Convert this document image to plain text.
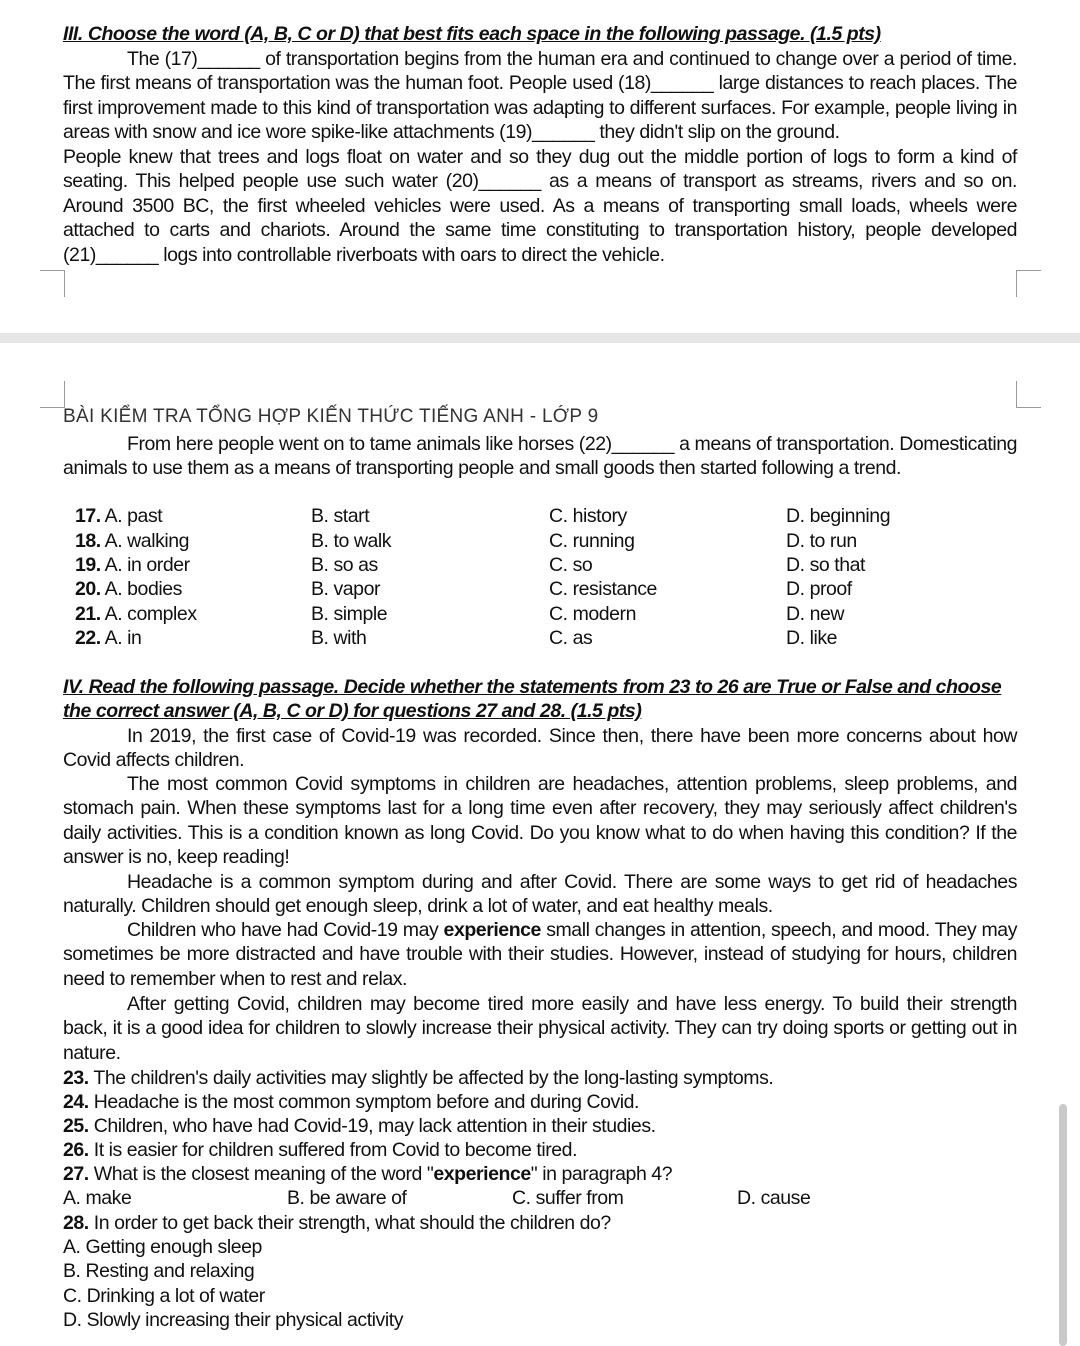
III. Choose the word (A, B, C or D) that best fits each space in the following passage. (1.5 pts)

The (17)______ of transportation begins from the human era and continued to change over a period of time. The first means of transportation was the human foot. People used (18)______ large distances to reach places. The first improvement made to this kind of transportation was adapting to different surfaces. For example, people living in areas with snow and ice wore spike-like attachments (19)______ they didn't slip on the ground.

People knew that trees and logs float on water and so they dug out the middle portion of logs to form a kind of seating. This helped people use such water (20)______ as a means of transport as streams, rivers and so on. Around 3500 BC, the first wheeled vehicles were used. As a means of transporting small loads, wheels were attached to carts and chariots. Around the same time constituting to transportation history, people developed (21)______ logs into controllable riverboats with oars to direct the vehicle.

BÀI KIỂM TRA TỔNG HỢP KIẾN THỨC TIẾNG ANH - LỚP 9

From here people went on to tame animals like horses (22)______ a means of transportation. Domesticating animals to use them as a means of transporting people and small goods then started following a trend.

17. A. past	B. start	C. history	D. beginning
18. A. walking	B. to walk	C. running	D. to run
19. A. in order	B. so as	C. so	D. so that
20. A. bodies	B. vapor	C. resistance	D. proof
21. A. complex	B. simple	C. modern	D. new
22. A. in	B. with	C. as	D. like

IV. Read the following passage. Decide whether the statements from 23 to 26 are True or False and choose the correct answer (A, B, C or D) for questions 27 and 28. (1.5 pts)

In 2019, the first case of Covid-19 was recorded. Since then, there have been more concerns about how Covid affects children.

The most common Covid symptoms in children are headaches, attention problems, sleep problems, and stomach pain. When these symptoms last for a long time even after recovery, they may seriously affect children's daily activities. This is a condition known as long Covid. Do you know what to do when having this condition? If the answer is no, keep reading!

Headache is a common symptom during and after Covid. There are some ways to get rid of headaches naturally. Children should get enough sleep, drink a lot of water, and eat healthy meals.

Children who have had Covid-19 may experience small changes in attention, speech, and mood. They may sometimes be more distracted and have trouble with their studies. However, instead of studying for hours, children need to remember when to rest and relax.

After getting Covid, children may become tired more easily and have less energy. To build their strength back, it is a good idea for children to slowly increase their physical activity. They can try doing sports or getting out in nature.

23. The children's daily activities may slightly be affected by the long-lasting symptoms.
24. Headache is the most common symptom before and during Covid.
25. Children, who have had Covid-19, may lack attention in their studies.
26. It is easier for children suffered from Covid to become tired.
27. What is the closest meaning of the word "experience" in paragraph 4?
A. make	B. be aware of	C. suffer from	D. cause
28. In order to get back their strength, what should the children do?
A. Getting enough sleep
B. Resting and relaxing
C. Drinking a lot of water
D. Slowly increasing their physical activity
